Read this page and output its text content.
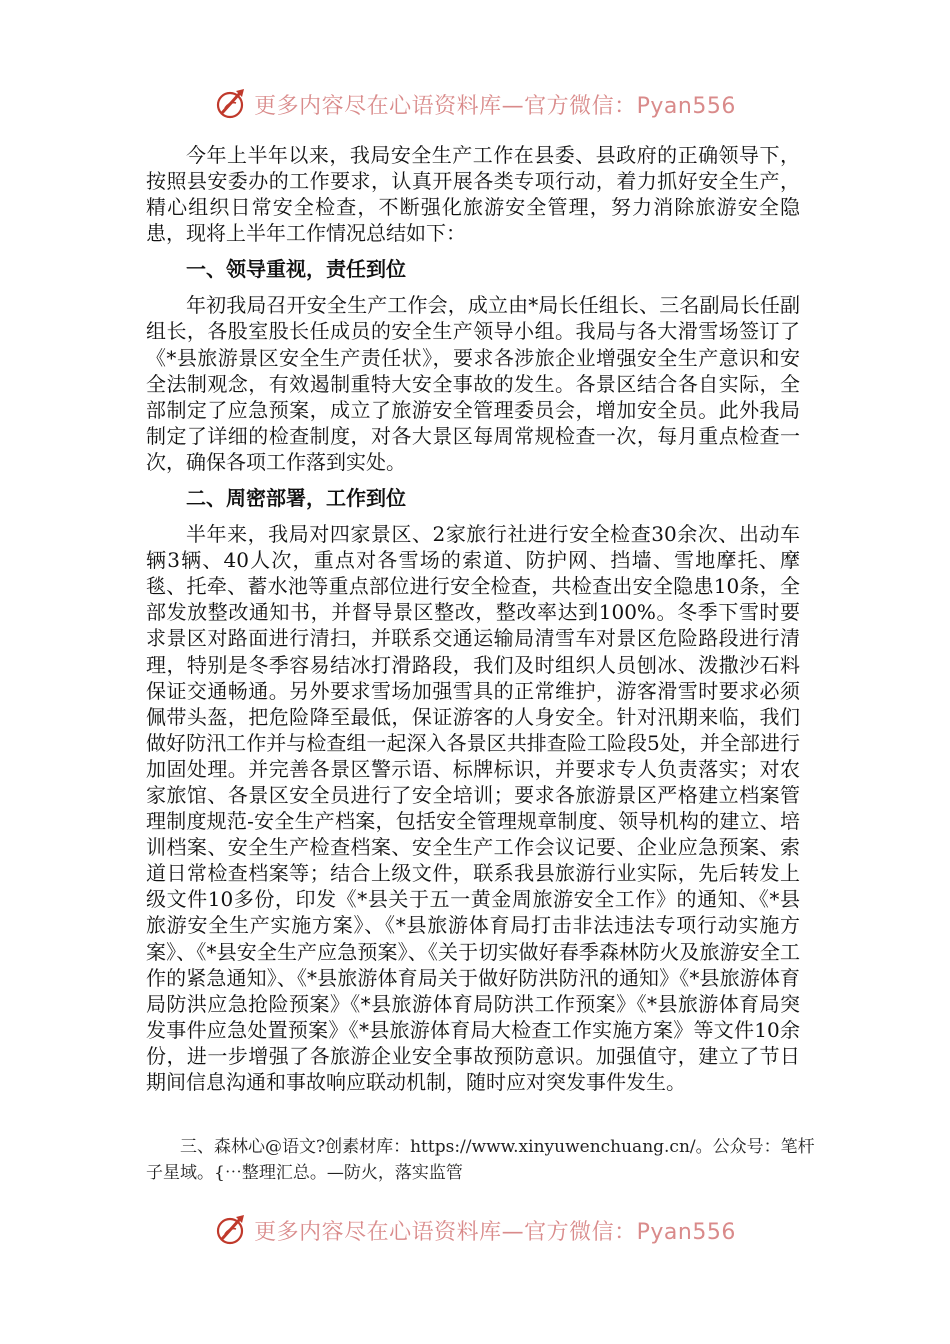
更多内容尽在心语资料库—官方微信：Pyan556

今年上半年以来，我局安全生产工作在县委、县政府的正确领导下，按照县安委办的工作要求，认真开展各类专项行动，着力抓好安全生产，精心组织日常安全检查，不断强化旅游安全管理，努力消除旅游安全隐患，现将上半年工作情况总结如下：

一、领导重视，责任到位

年初我局召开安全生产工作会，成立由*局长任组长、三名副局长任副组长，各股室股长任成员的安全生产领导小组。我局与各大滑雪场签订了《*县旅游景区安全生产责任状》，要求各涉旅企业增强安全生产意识和安全法制观念，有效遏制重特大安全事故的发生。各景区结合各自实际，全部制定了应急预案，成立了旅游安全管理委员会，增加安全员。此外我局制定了详细的检查制度，对各大景区每周常规检查一次，每月重点检查一次，确保各项工作落到实处。

二、周密部署，工作到位

半年来，我局对四家景区、2家旅行社进行安全检查30余次、出动车辆3辆、40人次，重点对各雪场的索道、防护网、挡墙、雪地摩托、摩毯、托牵、蓄水池等重点部位进行安全检查，共检查出安全隐患10条，全部发放整改通知书，并督导景区整改，整改率达到100%。冬季下雪时要求景区对路面进行清扫，并联系交通运输局清雪车对景区危险路段进行清理，特别是冬季容易结冰打滑路段，我们及时组织人员刨冰、泼撒沙石料保证交通畅通。另外要求雪场加强雪具的正常维护，游客滑雪时要求必须佩带头盔，把危险降至最低，保证游客的人身安全。针对汛期来临，我们做好防汛工作并与检查组一起深入各景区共排查险工险段5处，并全部进行加固处理。并完善各景区警示语、标牌标识，并要求专人负责落实；对农家旅馆、各景区安全员进行了安全培训；要求各旅游景区严格建立档案管理制度规范-安全生产档案，包括安全管理规章制度、领导机构的建立、培训档案、安全生产检查档案、安全生产工作会议记要、企业应急预案、索道日常检查档案等；结合上级文件，联系我县旅游行业实际，先后转发上级文件10多份，印发《*县关于五一黄金周旅游安全工作》的通知、《*县旅游安全生产实施方案》、《*县旅游体育局打击非法违法专项行动实施方案》、《*县安全生产应急预案》、《关于切实做好春季森林防火及旅游安全工作的紧急通知》、《*县旅游体育局关于做好防洪防汛的通知》《*县旅游体育局防洪应急抢险预案》《*县旅游体育局防洪工作预案》《*县旅游体育局突发事件应急处置预案》《*县旅游体育局大检查工作实施方案》等文件10余份，进一步增强了各旅游企业安全事故预防意识。加强值守，建立了节日期间信息沟通和事故响应联动机制，随时应对突发事件发生。

三、森林心@语文?创素材库：https://www.xinyuwenchuang.cn/。公众号：笔杆子星域。{⋯整理汇总。—防火，落实监管

更多内容尽在心语资料库—官方微信：Pyan556
